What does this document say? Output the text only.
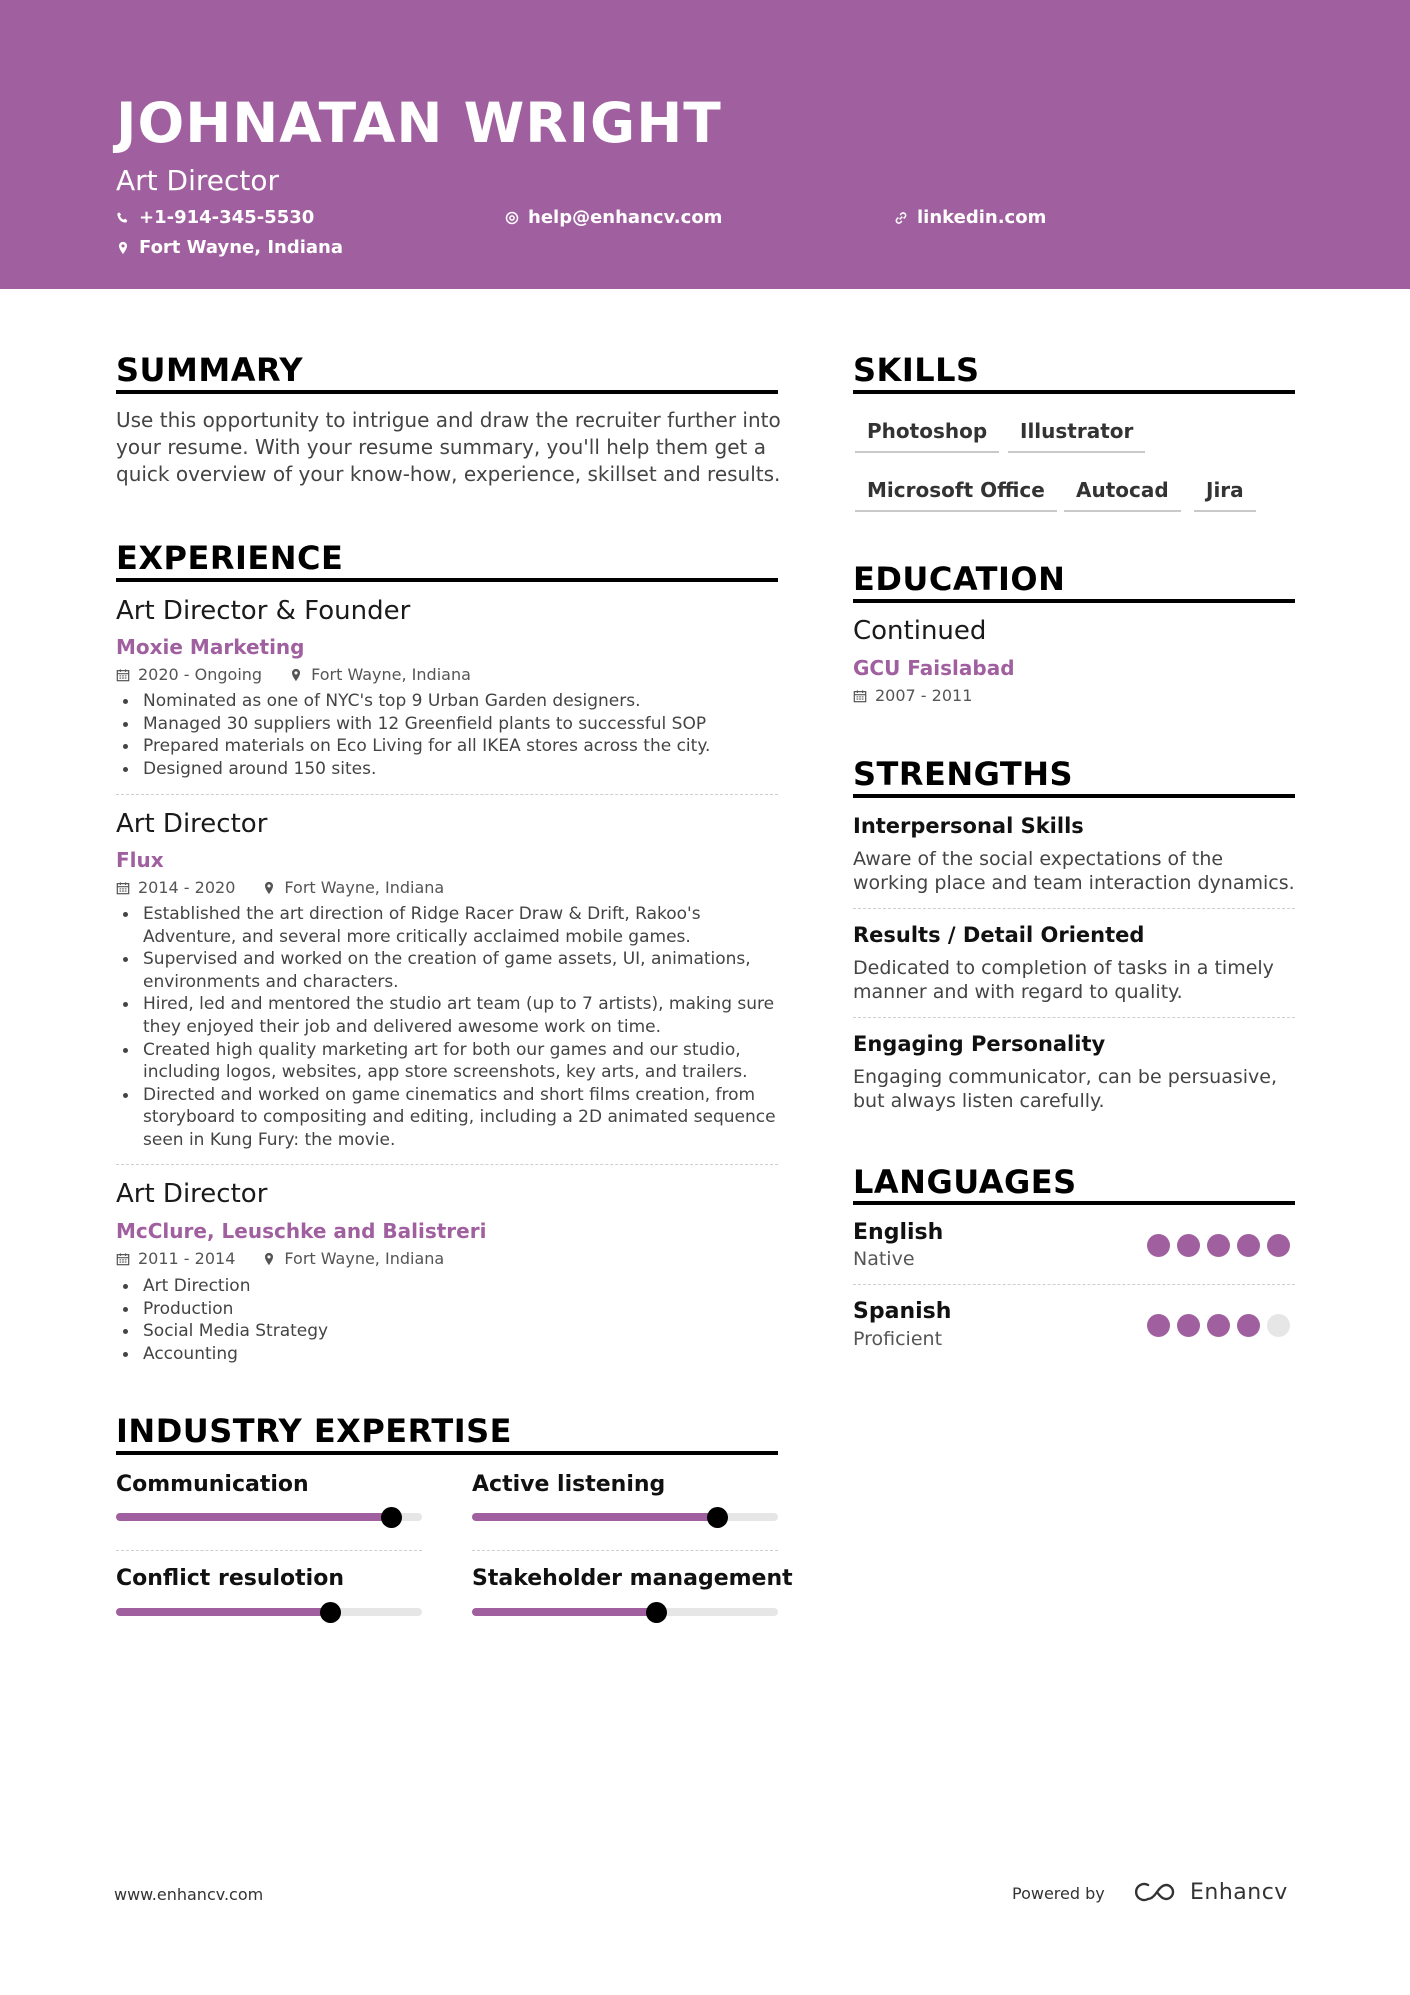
JOHNATAN WRIGHT
Art Director
+1-914-345-5530	help@enhancv.com	linkedin.com
Fort Wayne, Indiana
SUMMARY
Use this opportunity to intrigue and draw the recruiter further into your resume. With your resume summary, you'll help them get a quick overview of your know-how, experience, skillset and results.
EXPERIENCE
Art Director & Founder
Moxie Marketing
2020 - Ongoing	Fort Wayne, Indiana
Nominated as one of NYC's top 9 Urban Garden designers.
Managed 30 suppliers with 12 Greenfield plants to successful SOP
Prepared materials on Eco Living for all IKEA stores across the city.
Designed around 150 sites.
Art Director
Flux
2014 - 2020	Fort Wayne, Indiana
Established the art direction of Ridge Racer Draw & Drift, Rakoo's Adventure, and several more critically acclaimed mobile games.
Supervised and worked on the creation of game assets, UI, animations, environments and characters.
Hired, led and mentored the studio art team (up to 7 artists), making sure they enjoyed their job and delivered awesome work on time.
Created high quality marketing art for both our games and our studio, including logos, websites, app store screenshots, key arts, and trailers.
Directed and worked on game cinematics and short films creation, from storyboard to compositing and editing, including a 2D animated sequence seen in Kung Fury: the movie.
Art Director
McClure, Leuschke and Balistreri
2011 - 2014	Fort Wayne, Indiana
Art Direction
Production
Social Media Strategy
Accounting
INDUSTRY EXPERTISE
Communication	Active listening
Conflict resulotion	Stakeholder management
SKILLS
Photoshop	Illustrator
Microsoft Office	Autocad	Jira
EDUCATION
Continued
GCU Faislabad
2007 - 2011
STRENGTHS
Interpersonal Skills
Aware of the social expectations of the working place and team interaction dynamics.
Results / Detail Oriented
Dedicated to completion of tasks in a timely manner and with regard to quality.
Engaging Personality
Engaging communicator, can be persuasive, but always listen carefully.
LANGUAGES
English
Native
Spanish
Proficient
www.enhancv.com	Powered by	Enhancv
